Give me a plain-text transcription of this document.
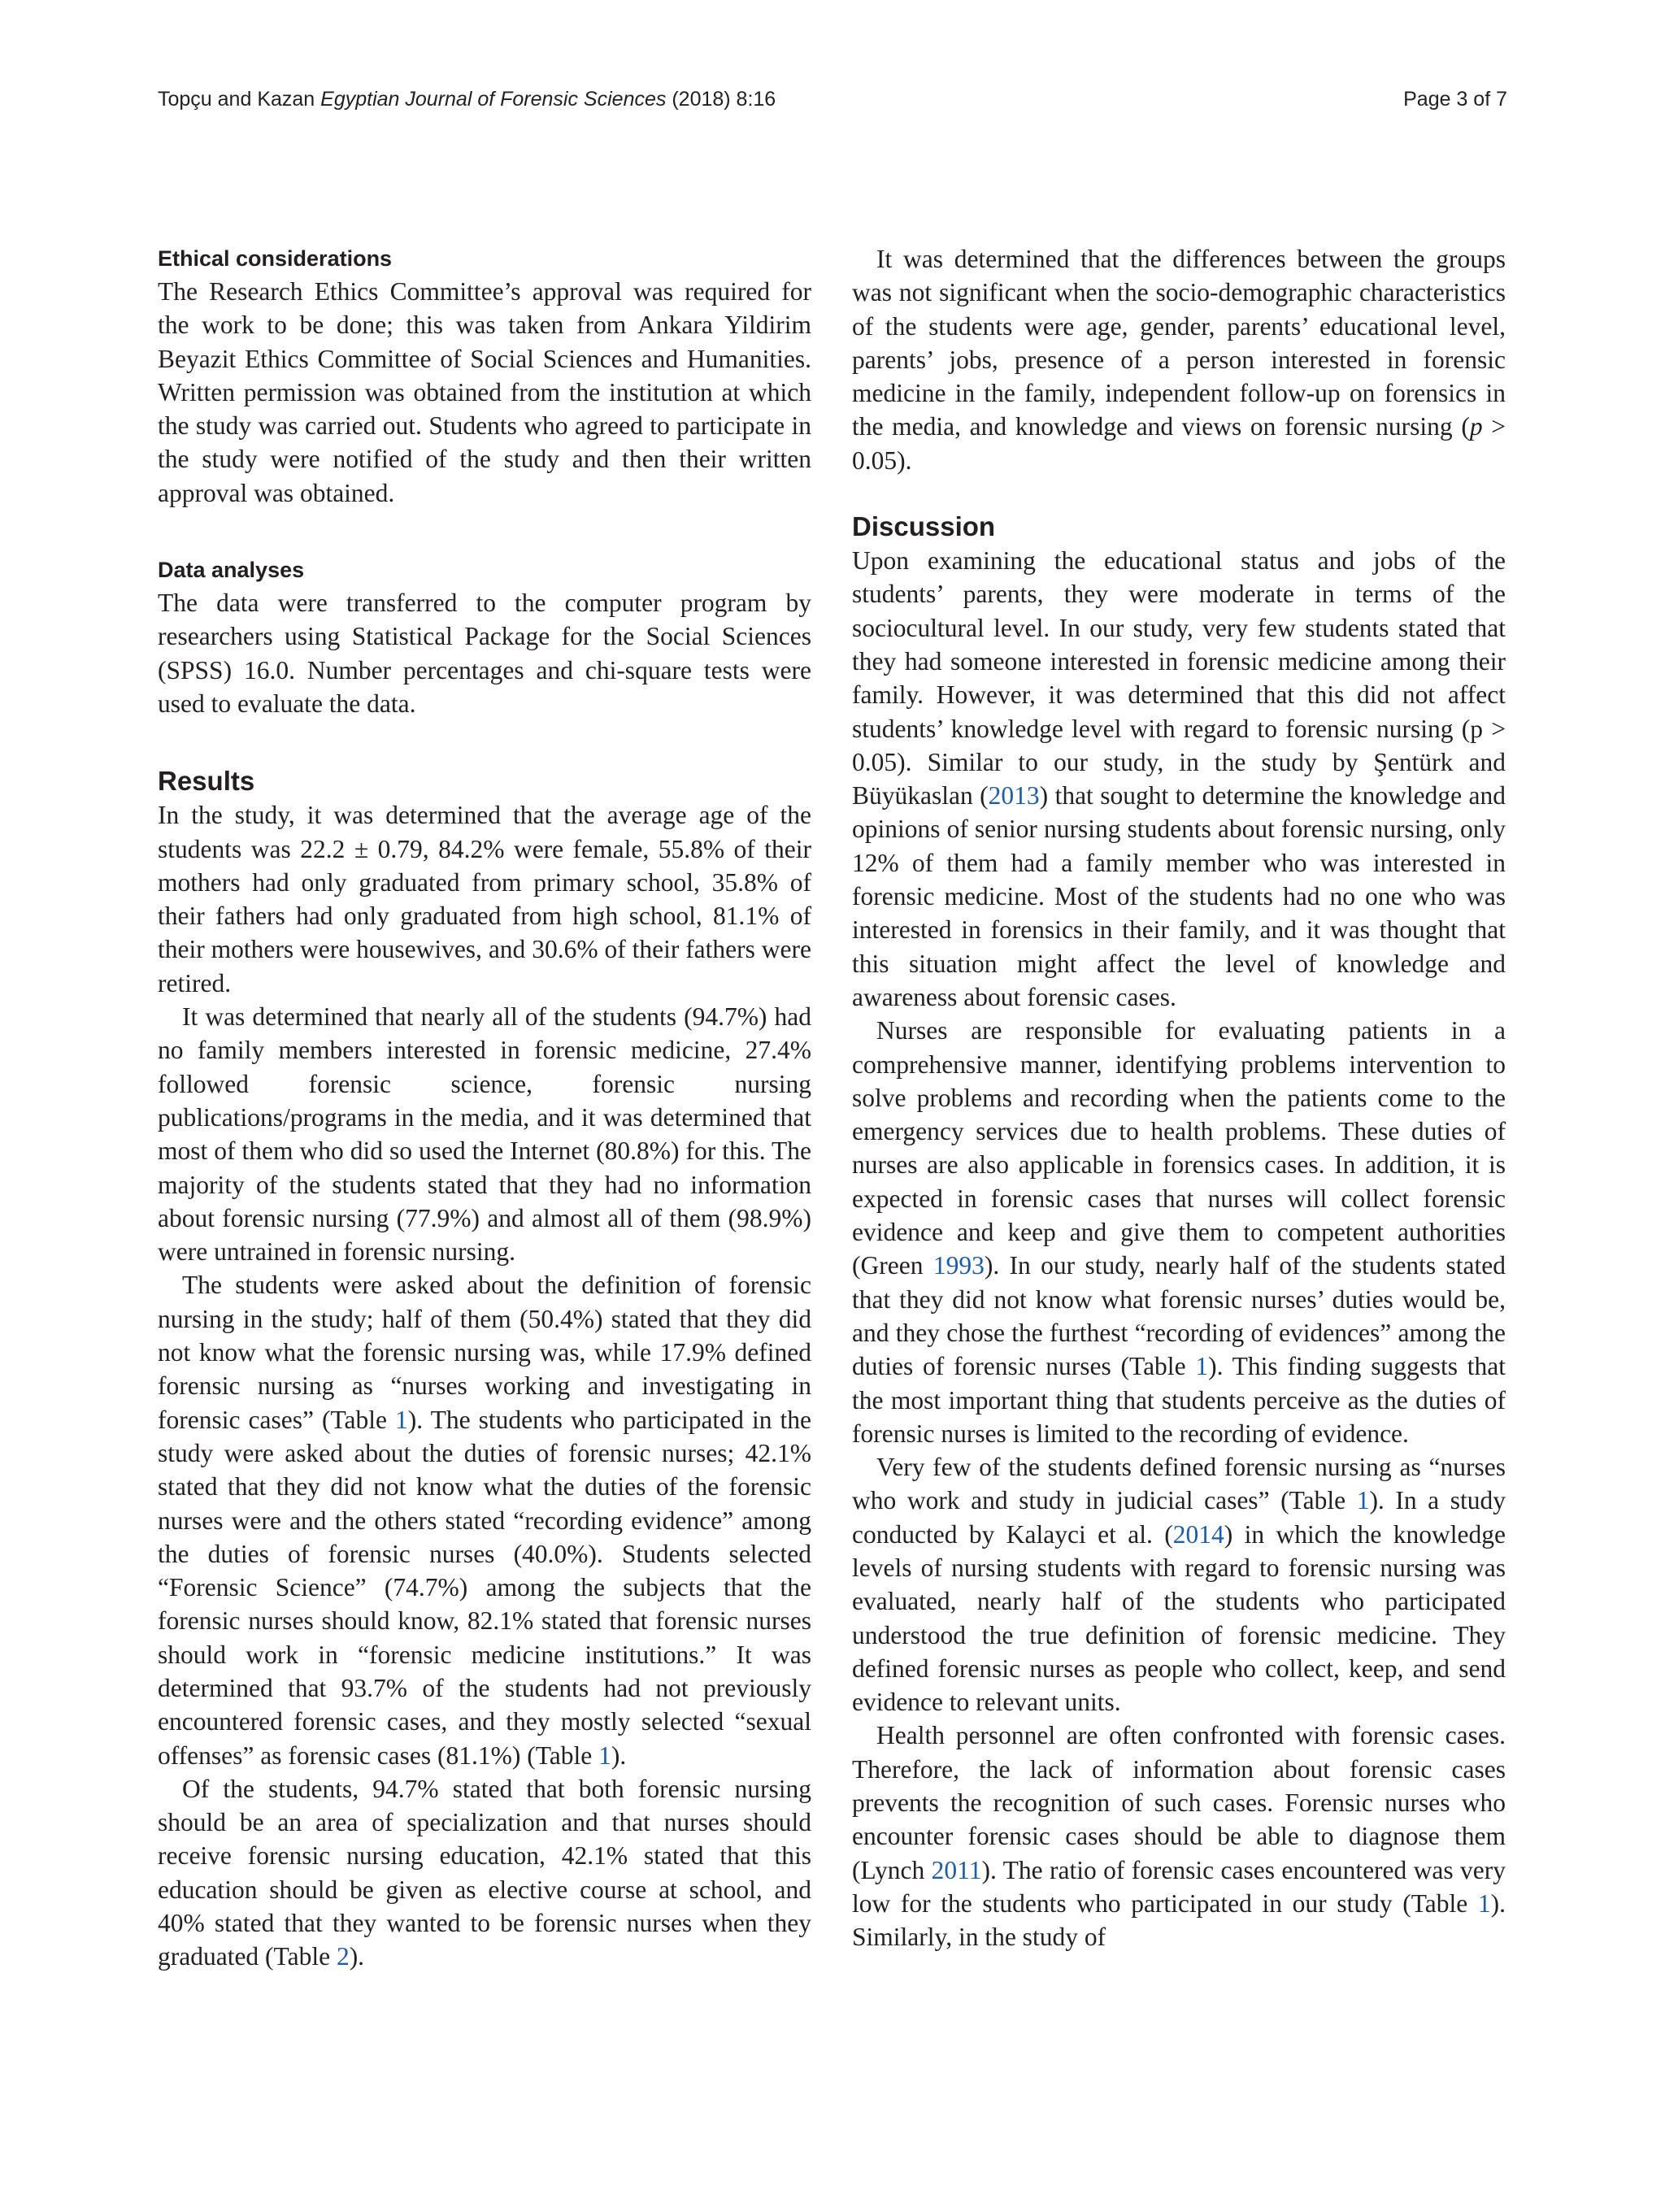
Topçu and Kazan Egyptian Journal of Forensic Sciences (2018) 8:16	Page 3 of 7
Ethical considerations

The Research Ethics Committee’s approval was required for the work to be done; this was taken from Ankara Yildirim Beyazit Ethics Committee of Social Sciences and Humanities. Written permission was obtained from the institution at which the study was carried out. Students who agreed to participate in the study were notified of the study and then their written approval was obtained.

Data analyses

The data were transferred to the computer program by researchers using Statistical Package for the Social Sciences (SPSS) 16.0. Number percentages and chi-square tests were used to evaluate the data.

Results

In the study, it was determined that the average age of the students was 22.2 ± 0.79, 84.2% were female, 55.8% of their mothers had only graduated from primary school, 35.8% of their fathers had only graduated from high school, 81.1% of their mothers were housewives, and 30.6% of their fathers were retired.

It was determined that nearly all of the students (94.7%) had no family members interested in forensic medicine, 27.4% followed forensic science, forensic nursing publications/programs in the media, and it was determined that most of them who did so used the Internet (80.8%) for this. The majority of the students stated that they had no information about forensic nursing (77.9%) and almost all of them (98.9%) were untrained in forensic nursing.

The students were asked about the definition of forensic nursing in the study; half of them (50.4%) stated that they did not know what the forensic nursing was, while 17.9% defined forensic nursing as “nurses working and investigating in forensic cases” (Table 1). The students who participated in the study were asked about the duties of forensic nurses; 42.1% stated that they did not know what the duties of the forensic nurses were and the others stated “recording evidence” among the duties of forensic nurses (40.0%). Students selected “Forensic Science” (74.7%) among the subjects that the forensic nurses should know, 82.1% stated that forensic nurses should work in “forensic medicine institutions.” It was determined that 93.7% of the students had not previously encountered forensic cases, and they mostly selected “sexual offenses” as forensic cases (81.1%) (Table 1).

Of the students, 94.7% stated that both forensic nursing should be an area of specialization and that nurses should receive forensic nursing education, 42.1% stated that this education should be given as elective course at school, and 40% stated that they wanted to be forensic nurses when they graduated (Table 2).

It was determined that the differences between the groups was not significant when the socio-demographic characteristics of the students were age, gender, parents’ educational level, parents’ jobs, presence of a person interested in forensic medicine in the family, independent follow-up on forensics in the media, and knowledge and views on forensic nursing (p > 0.05).

Discussion

Upon examining the educational status and jobs of the students’ parents, they were moderate in terms of the sociocultural level. In our study, very few students stated that they had someone interested in forensic medicine among their family. However, it was determined that this did not affect students’ knowledge level with regard to forensic nursing (p > 0.05). Similar to our study, in the study by Şentürk and Büyükaslan (2013) that sought to determine the knowledge and opinions of senior nursing students about forensic nursing, only 12% of them had a family member who was interested in forensic medicine. Most of the students had no one who was interested in forensics in their family, and it was thought that this situation might affect the level of knowledge and awareness about forensic cases.

Nurses are responsible for evaluating patients in a comprehensive manner, identifying problems intervention to solve problems and recording when the patients come to the emergency services due to health problems. These duties of nurses are also applicable in forensics cases. In addition, it is expected in forensic cases that nurses will collect forensic evidence and keep and give them to competent authorities (Green 1993). In our study, nearly half of the students stated that they did not know what forensic nurses’ duties would be, and they chose the furthest “recording of evidences” among the duties of forensic nurses (Table 1). This finding suggests that the most important thing that students perceive as the duties of forensic nurses is limited to the recording of evidence.

Very few of the students defined forensic nursing as “nurses who work and study in judicial cases” (Table 1). In a study conducted by Kalayci et al. (2014) in which the knowledge levels of nursing students with regard to forensic nursing was evaluated, nearly half of the students who participated understood the true definition of forensic medicine. They defined forensic nurses as people who collect, keep, and send evidence to relevant units.

Health personnel are often confronted with forensic cases. Therefore, the lack of information about forensic cases prevents the recognition of such cases. Forensic nurses who encounter forensic cases should be able to diagnose them (Lynch 2011). The ratio of forensic cases encountered was very low for the students who participated in our study (Table 1). Similarly, in the study of
